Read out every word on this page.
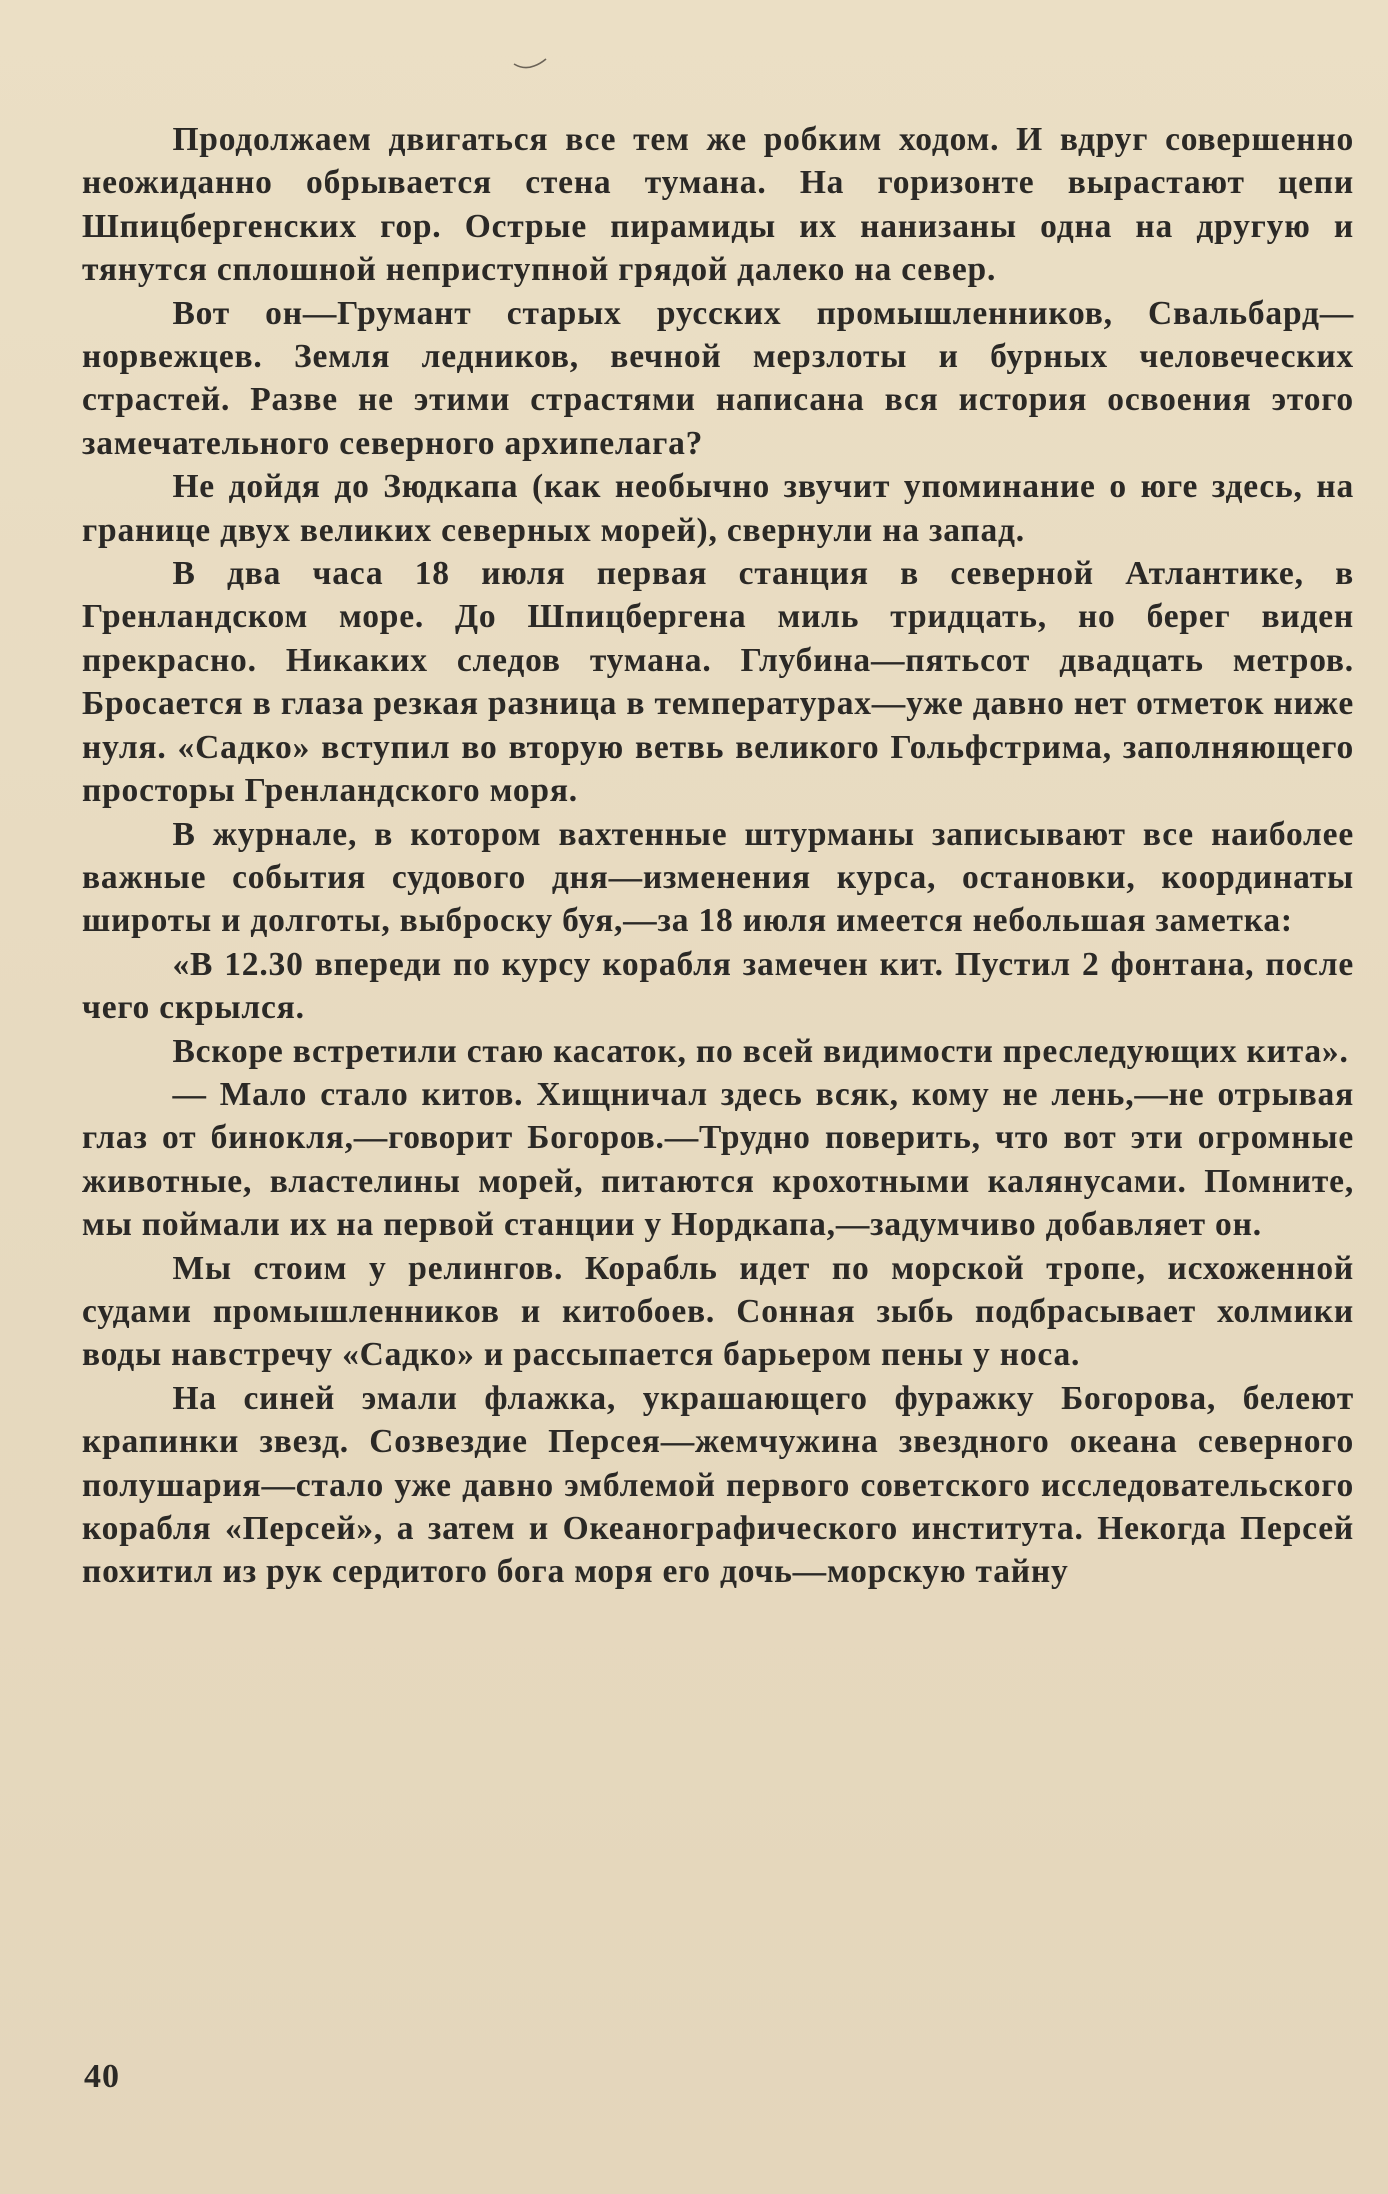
Продолжаем двигаться все тем же робким ходом. И вдруг совершенно неожиданно обрывается стена тумана. На горизонте вырастают цепи Шпицбергенских гор. Острые пирамиды их нанизаны одна на другую и тянутся сплошной неприступной грядой далеко на север.

Вот он—Грумант старых русских промышленников, Свальбард—норвежцев. Земля ледников, вечной мерзлоты и бурных человеческих страстей. Разве не этими страстями написана вся история освоения этого замечательного северного архипелага?

Не дойдя до Зюдкапа (как необычно звучит упоминание о юге здесь, на границе двух великих северных морей), свернули на запад.

В два часа 18 июля первая станция в северной Атлантике, в Гренландском море. До Шпицбергена миль тридцать, но берег виден прекрасно. Никаких следов тумана. Глубина—пятьсот двадцать метров. Бросается в глаза резкая разница в температурах—уже давно нет отметок ниже нуля. «Садко» вступил во вторую ветвь великого Гольфстрима, заполняющего просторы Гренландского моря.

В журнале, в котором вахтенные штурманы записывают все наиболее важные события судового дня—изменения курса, остановки, координаты широты и долготы, выброску буя,—за 18 июля имеется небольшая заметка:

«В 12.30 впереди по курсу корабля замечен кит. Пустил 2 фонтана, после чего скрылся.

Вскоре встретили стаю касаток, по всей видимости преследующих кита».

— Мало стало китов. Хищничал здесь всяк, кому не лень,—не отрывая глаз от бинокля,—говорит Богоров.—Трудно поверить, что вот эти огромные животные, властелины морей, питаются крохотными калянусами. Помните, мы поймали их на первой станции у Нордкапа,—задумчиво добавляет он.

Мы стоим у релингов. Корабль идет по морской тропе, исхоженной судами промышленников и китобоев. Сонная зыбь подбрасывает холмики воды навстречу «Садко» и рассыпается барьером пены у носа.

На синей эмали флажка, украшающего фуражку Богорова, белеют крапинки звезд. Созвездие Персея—жемчужина звездного океана северного полушария—стало уже давно эмблемой первого советского исследовательского корабля «Персей», а затем и Океанографического института. Некогда Персей похитил из рук сердитого бога моря его дочь—морскую тайну

40
